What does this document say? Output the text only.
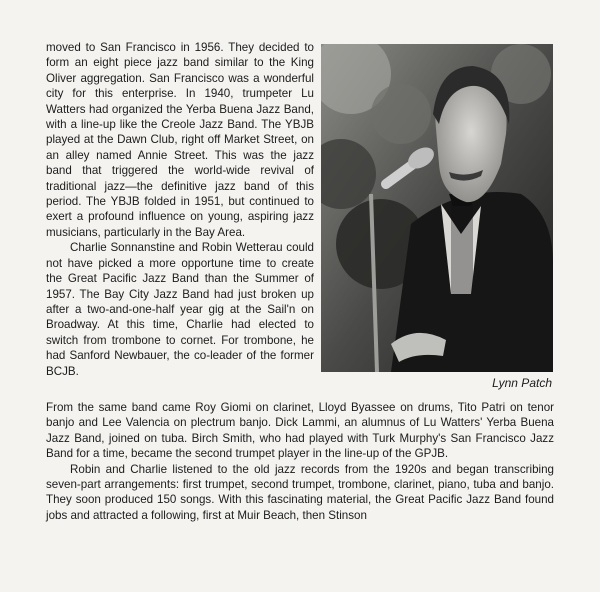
moved to San Francisco in 1956. They decided to form an eight piece jazz band similar to the King Oliver aggregation. San Francisco was a wonderful city for this enterprise. In 1940, trumpeter Lu Watters had organized the Yerba Buena Jazz Band, with a line-up like the Creole Jazz Band. The YBJB played at the Dawn Club, right off Market Street, on an alley named Annie Street. This was the jazz band that triggered the world-wide revival of traditional jazz—the definitive jazz band of this period. The YBJB folded in 1951, but continued to exert a profound influence on young, aspiring jazz musicians, particularly in the Bay Area.

Charlie Sonnanstine and Robin Wetterau could not have picked a more opportune time to create the Great Pacific Jazz Band than the Summer of 1957. The Bay City Jazz Band had just broken up after a two-and-one-half year gig at the Sail'n on Broadway. At this time, Charlie had elected to switch from trombone to cornet. For trombone, he had Sanford Newbauer, the co-leader of the former BCJB.

Lynn Patch

From the same band came Roy Giomi on clarinet, Lloyd Byassee on drums, Tito Patri on tenor banjo and Lee Valencia on plectrum banjo. Dick Lammi, an alumnus of Lu Watters' Yerba Buena Jazz Band, joined on tuba. Birch Smith, who had played with Turk Murphy's San Francisco Jazz Band for a time, became the second trumpet player in the line-up of the GPJB.

Robin and Charlie listened to the old jazz records from the 1920s and began transcribing seven-part arrangements: first trumpet, second trumpet, trombone, clarinet, piano, tuba and banjo. They soon produced 150 songs. With this fascinating material, the Great Pacific Jazz Band found jobs and attracted a following, first at Muir Beach, then Stinson
